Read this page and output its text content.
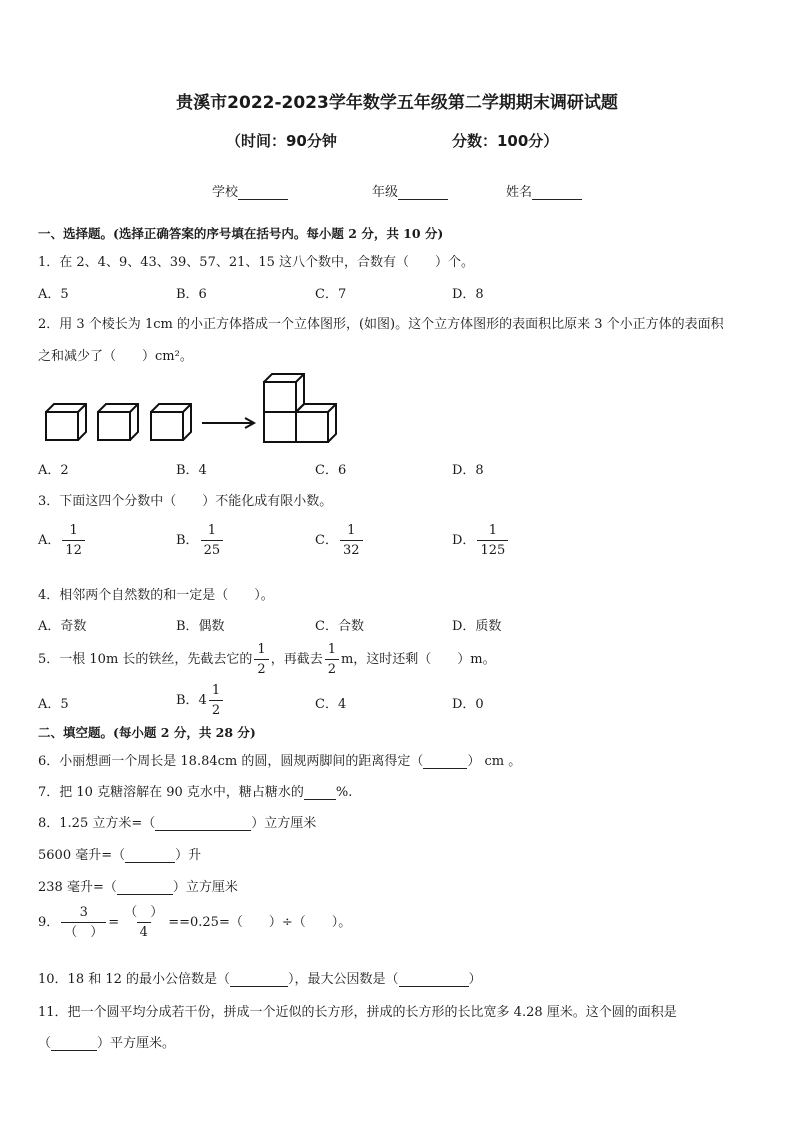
贵溪市2022-2023学年数学五年级第二学期期末调研试题
（时间：90分钟	分数：100分）
学校	年级	姓名
一、选择题。(选择正确答案的序号填在括号内。每小题 2 分，共 10 分)
1．在 2、4、9、43、39、57、21、15 这八个数中，合数有（　　）个。
A．5	B．6	C．7	D．8
2．用 3 个棱长为 1cm 的小正方体搭成一个立体图形，(如图)。这个立方体图形的表面积比原来 3 个小正方体的表面积
之和减少了（　　）cm²。
A．2	B．4	C．6	D．8
3．下面这四个分数中（　　）不能化成有限小数。
A． $\frac{1}{12}$	B． $\frac{1}{25}$	C． $\frac{1}{32}$	D． $\frac{1}{125}$
4．相邻两个自然数的和一定是（　　）。
A．奇数	B．偶数	C．合数	D．质数
5．一根 10m 长的铁丝，先截去它的 $\frac{1}{2}$ ，再截去 $\frac{1}{2}$ m，这时还剩（　　）m。
A．5	B．$4 \frac{1}{2}$	C．4	D．0
二、填空题。(每小题 2 分，共 28 分)
6．小丽想画一个周长是 18.84cm 的圆，圆规两脚间的距离得定（	） cm 。
7．把 10 克糖溶解在 90 克水中，糖占糖水的 %.
8．1.25 立方米=（	）立方厘米
5600 毫升=（	）升
238 毫升=（	）立方厘米
9． $\frac{3}{( )} = \frac{( )}{4} ==0.25=$（　　）÷（　　）。
10．18 和 12 的最小公倍数是（	），最大公因数是（	）
11．把一个圆平均分成若干份，拼成一个近似的长方形，拼成的长方形的长比宽多 4.28 厘米。这个圆的面积是
（	）平方厘米。
